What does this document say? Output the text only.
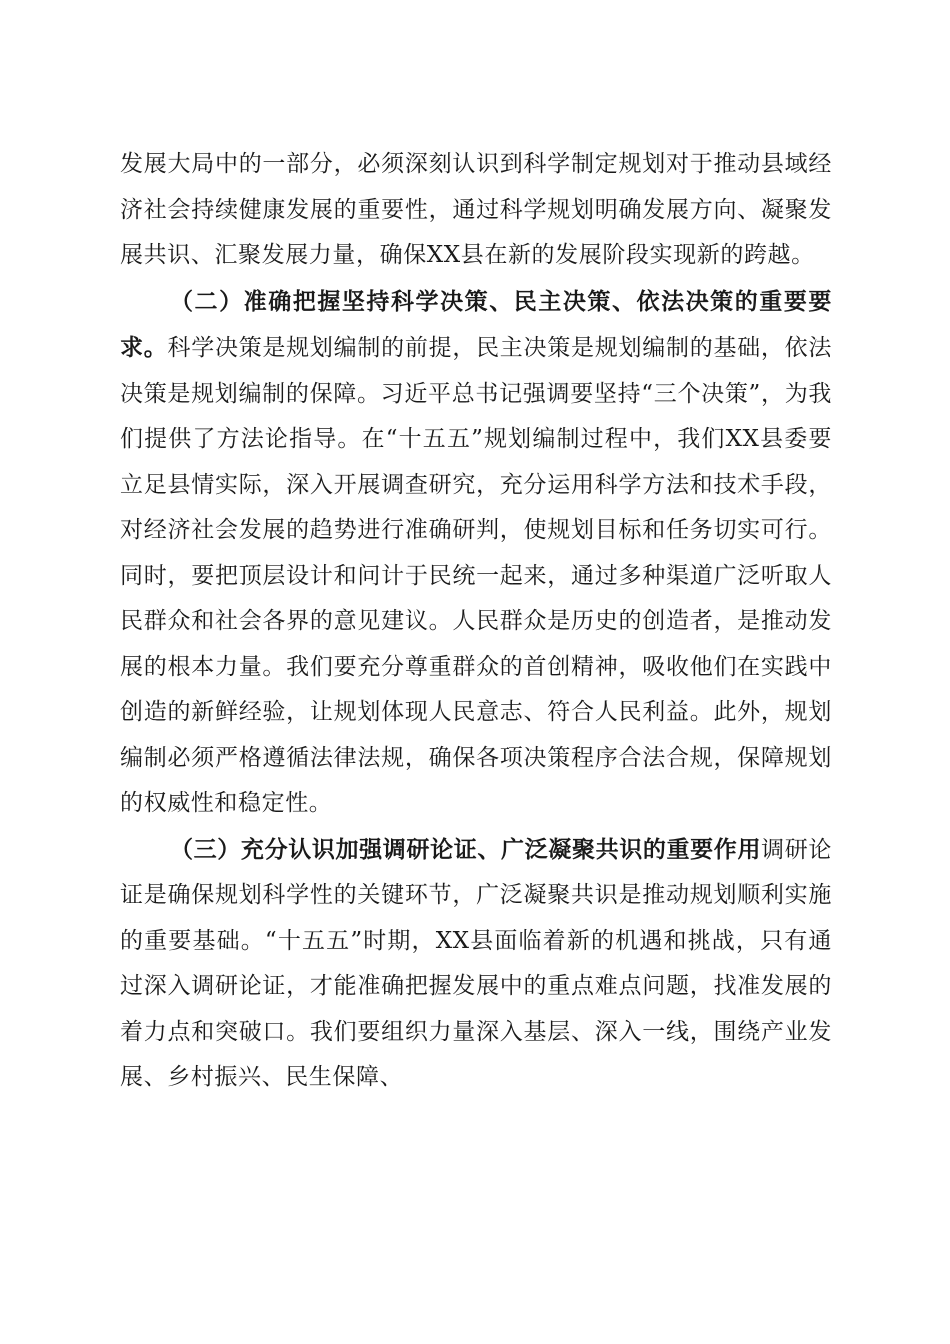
发展大局中的一部分，必须深刻认识到科学制定规划对于推动县域经济社会持续健康发展的重要性，通过科学规划明确发展方向、凝聚发展共识、汇聚发展力量，确保XX县在新的发展阶段实现新的跨越。

（二）准确把握坚持科学决策、民主决策、依法决策的重要要求。科学决策是规划编制的前提，民主决策是规划编制的基础，依法决策是规划编制的保障。习近平总书记强调要坚持“三个决策”，为我们提供了方法论指导。在“十五五”规划编制过程中，我们XX县委要立足县情实际，深入开展调查研究，充分运用科学方法和技术手段，对经济社会发展的趋势进行准确研判，使规划目标和任务切实可行。同时，要把顶层设计和问计于民统一起来，通过多种渠道广泛听取人民群众和社会各界的意见建议。人民群众是历史的创造者，是推动发展的根本力量。我们要充分尊重群众的首创精神，吸收他们在实践中创造的新鲜经验，让规划体现人民意志、符合人民利益。此外，规划编制必须严格遵循法律法规，确保各项决策程序合法合规，保障规划的权威性和稳定性。

（三）充分认识加强调研论证、广泛凝聚共识的重要作用调研论证是确保规划科学性的关键环节，广泛凝聚共识是推动规划顺利实施的重要基础。“十五五”时期，XX县面临着新的机遇和挑战，只有通过深入调研论证，才能准确把握发展中的重点难点问题，找准发展的着力点和突破口。我们要组织力量深入基层、深入一线，围绕产业发展、乡村振兴、民生保障、
